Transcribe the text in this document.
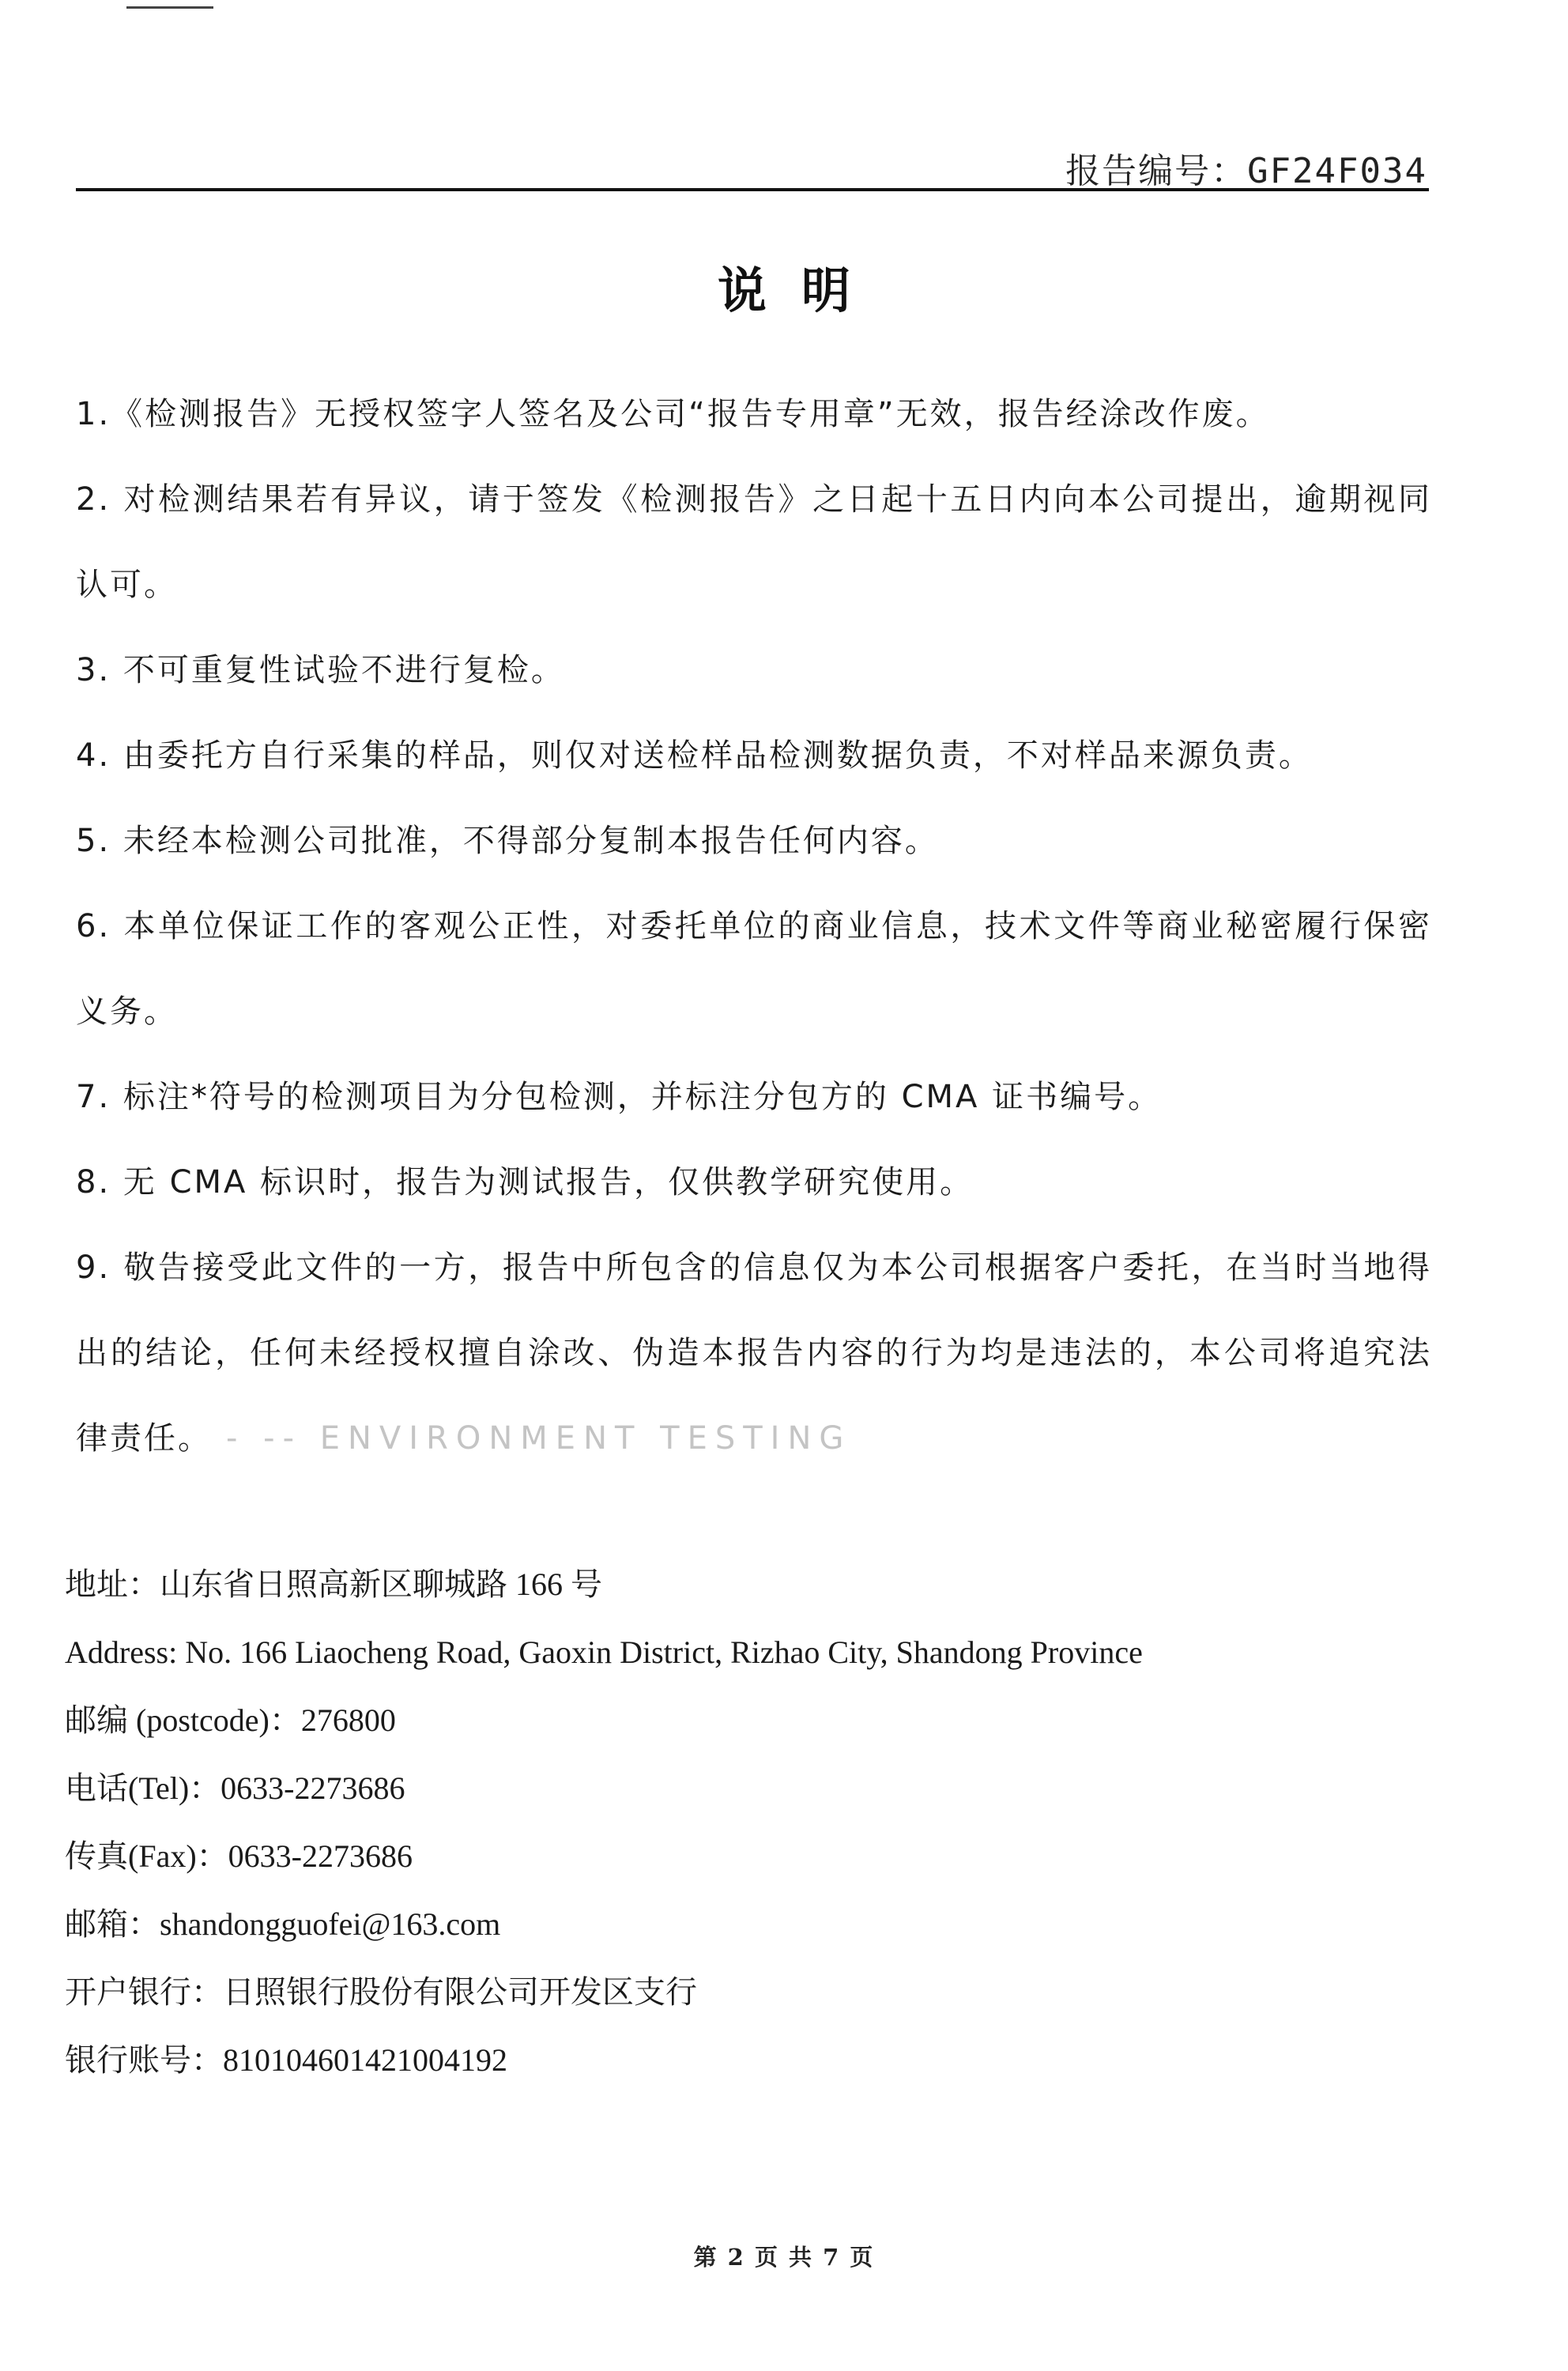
报告编号：GF24F034
说明

1.《检测报告》无授权签字人签名及公司“报告专用章”无效，报告经涂改作废。

2. 对检测结果若有异议，请于签发《检测报告》之日起十五日内向本公司提出，逾期视同认可。

3. 不可重复性试验不进行复检。

4. 由委托方自行采集的样品，则仅对送检样品检测数据负责，不对样品来源负责。

5. 未经本检测公司批准，不得部分复制本报告任何内容。

6. 本单位保证工作的客观公正性，对委托单位的商业信息，技术文件等商业秘密履行保密义务。

7. 标注*符号的检测项目为分包检测，并标注分包方的 CMA 证书编号。

8. 无 CMA 标识时，报告为测试报告，仅供教学研究使用。

9. 敬告接受此文件的一方，报告中所包含的信息仅为本公司根据客户委托，在当时当地得出的结论，任何未经授权擅自涂改、伪造本报告内容的行为均是违法的，本公司将追究法律责任。 - -- ENVIRONMENT TESTING

地址：山东省日照高新区聊城路 166 号
Address: No. 166 Liaocheng Road, Gaoxin District, Rizhao City, Shandong Province
邮编 (postcode)：276800
电话(Tel)：0633-2273686
传真(Fax)：0633-2273686
邮箱：shandongguofei@163.com
开户银行：日照银行股份有限公司开发区支行
银行账号：810104601421004192
第 2 页 共 7 页
